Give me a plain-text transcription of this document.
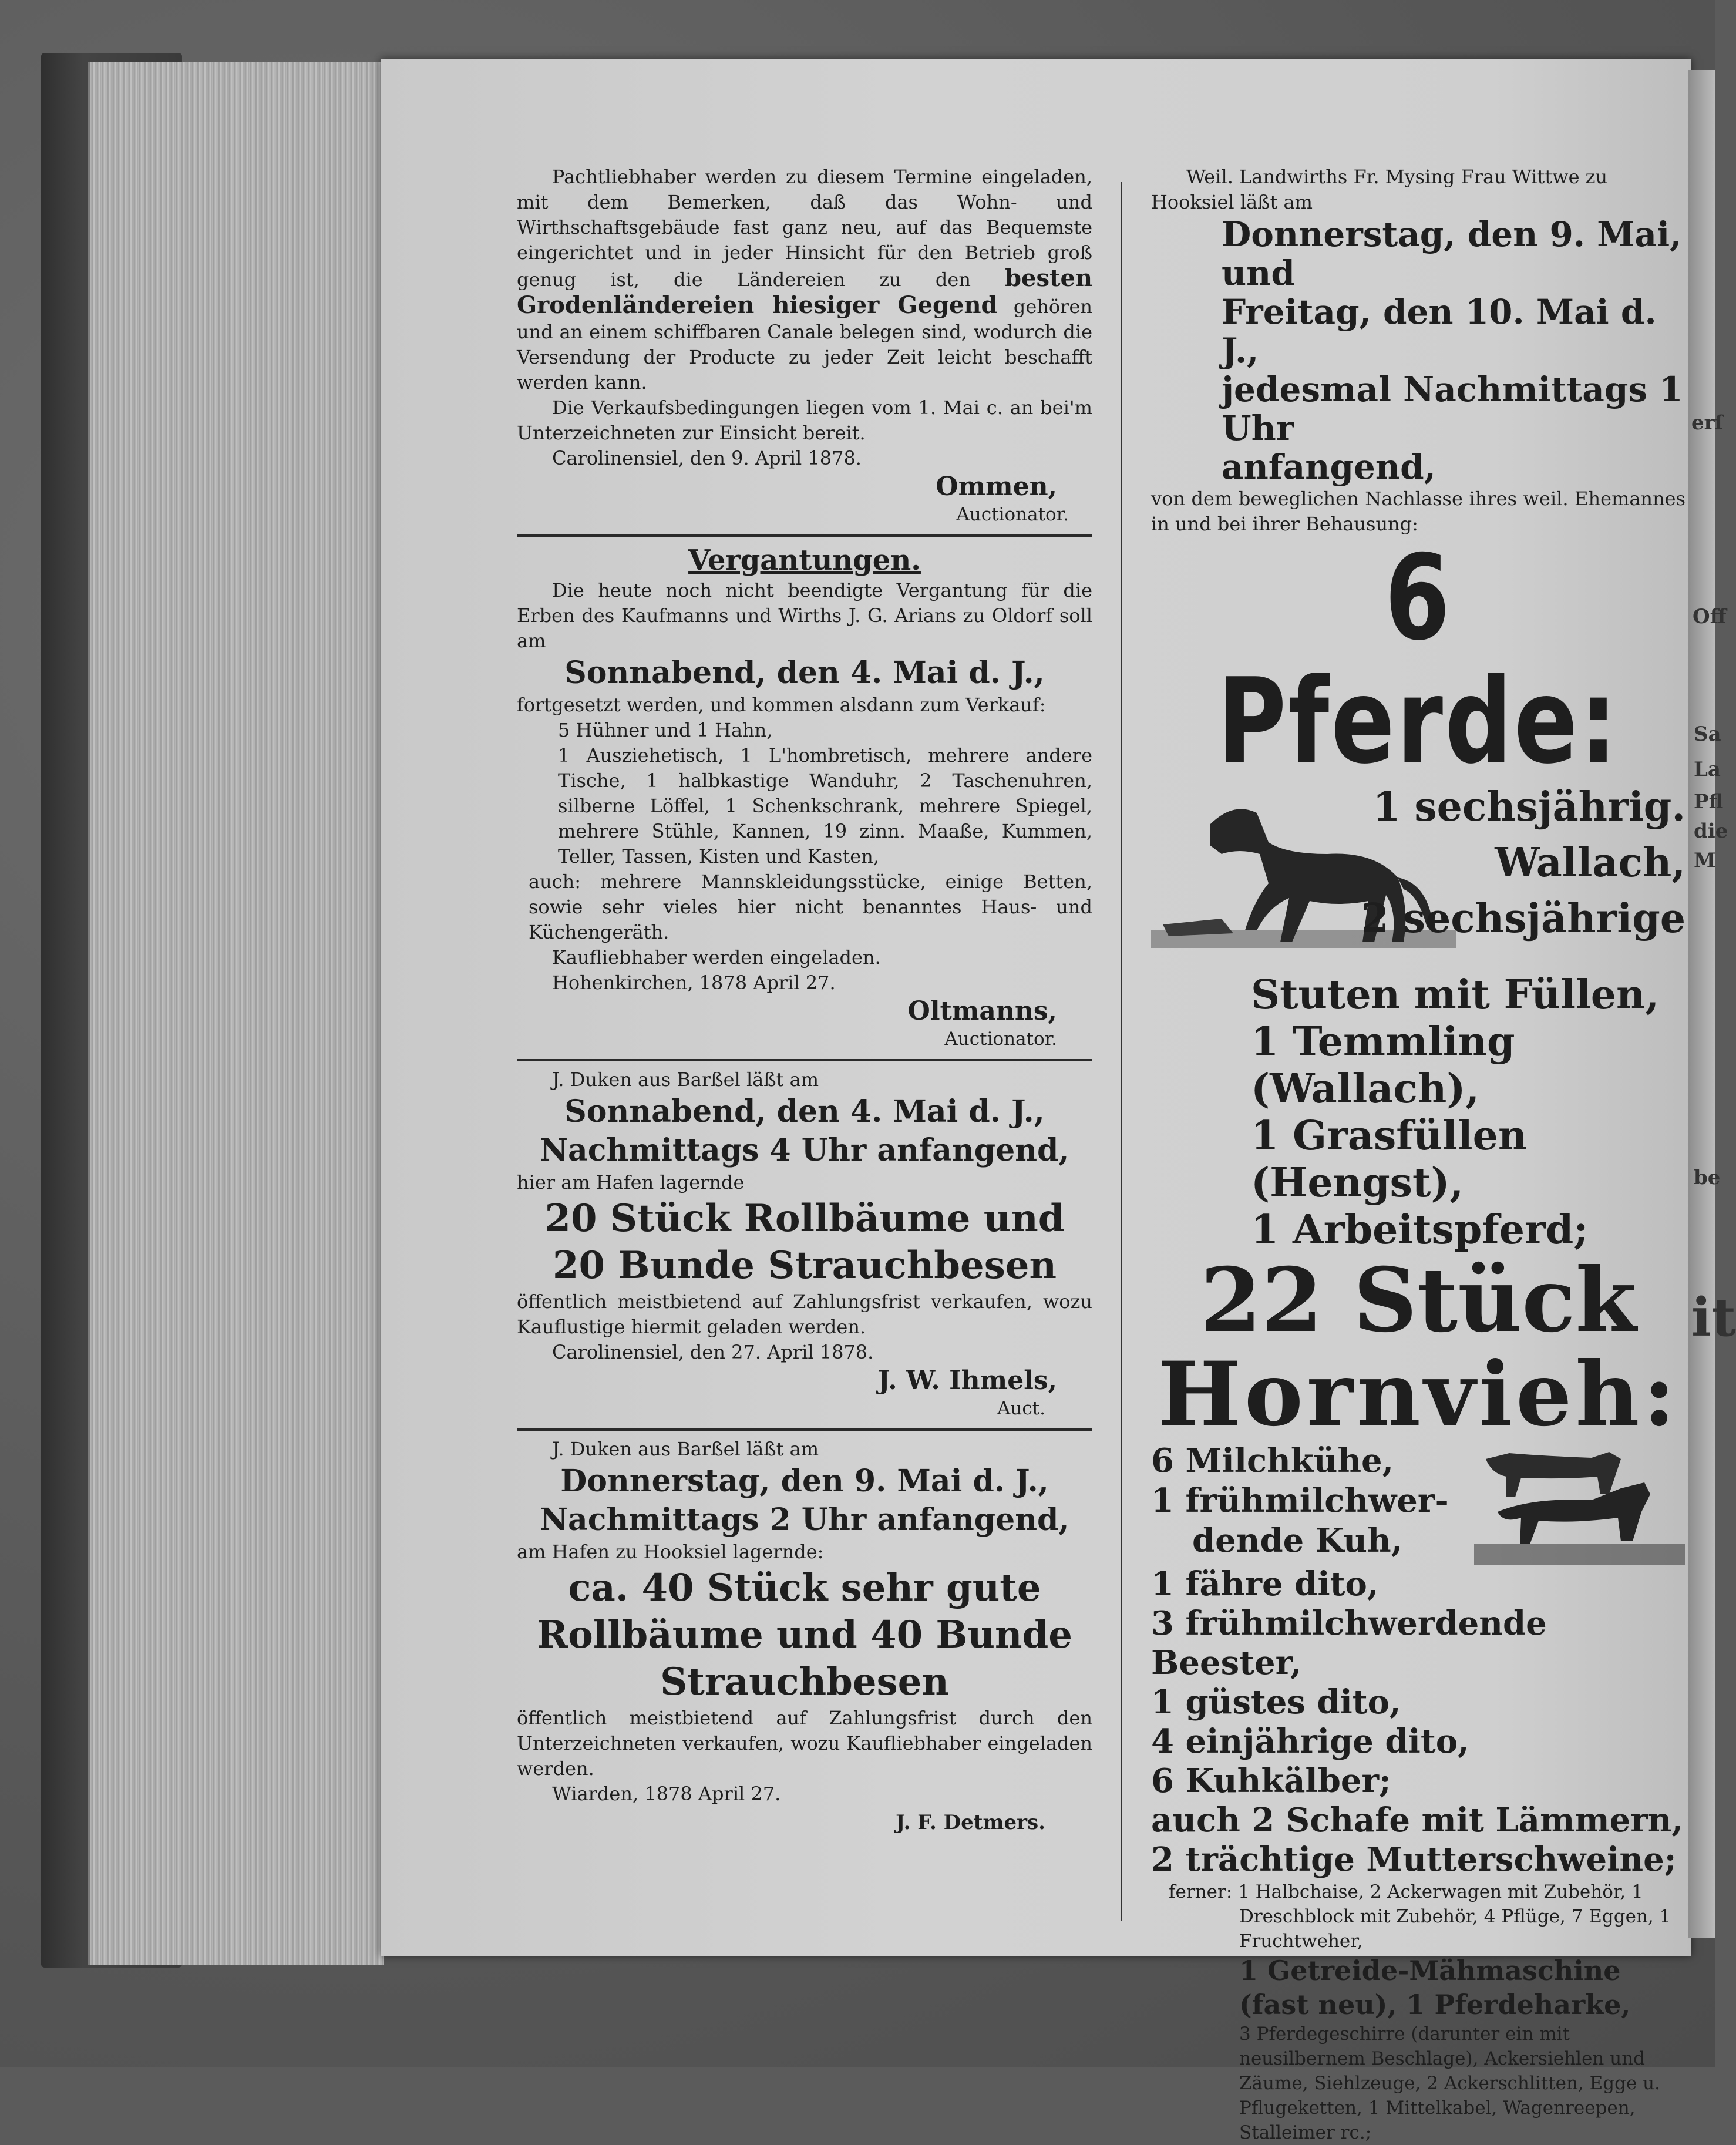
erſ
Off
Sa
La
Pfl
die
M
be
it

Pachtliebhaber werden zu diesem Termine eingeladen, mit dem Bemerken, daß das Wohn- und Wirthschaftsgebäude fast ganz neu, auf das Bequemste eingerichtet und in jeder Hinsicht für den Betrieb groß genug ist, die Ländereien zu den besten Grodenländereien hiesiger Gegend gehören und an einem schiffbaren Canale belegen sind, wodurch die Versendung der Producte zu jeder Zeit leicht beschafft werden kann.

Die Verkaufsbedingungen liegen vom 1. Mai c. an bei'm Unterzeichneten zur Einsicht bereit.

Carolinensiel, den 9. April 1878.

Ommen,

Auctionator.

Vergantungen.

Die heute noch nicht beendigte Vergantung für die Erben des Kaufmanns und Wirths J. G. Arians zu Oldorf soll am

Sonnabend, den 4. Mai d. J.,

fortgesetzt werden, und kommen alsdann zum Verkauf:

5 Hühner und 1 Hahn,

1 Ausziehetisch, 1 L'hombretisch, mehrere andere Tische, 1 halbkastige Wanduhr, 2 Taschenuhren, silberne Löffel, 1 Schenkschrank, mehrere Spiegel, mehrere Stühle, Kannen, 19 zinn. Maaße, Kummen, Teller, Tassen, Kisten und Kasten,

auch: mehrere Mannskleidungsstücke, einige Betten, sowie sehr vieles hier nicht benanntes Haus- und Küchengeräth.

Kaufliebhaber werden eingeladen.

Hohenkirchen, 1878 April 27.

Oltmanns,

Auctionator.

J. Duken aus Barßel läßt am

Sonnabend, den 4. Mai d. J.,

Nachmittags 4 Uhr anfangend,

hier am Hafen lagernde

20 Stück Rollbäume und

20 Bunde Strauchbesen

öffentlich meistbietend auf Zahlungsfrist verkaufen, wozu Kauflustige hiermit geladen werden.

Carolinensiel, den 27. April 1878.

J. W. Ihmels,

Auct.

J. Duken aus Barßel läßt am

Donnerstag, den 9. Mai d. J.,

Nachmittags 2 Uhr anfangend,

am Hafen zu Hooksiel lagernde:

ca. 40 Stück sehr gute

Rollbäume und 40 Bunde

Strauchbesen

öffentlich meistbietend auf Zahlungsfrist durch den Unterzeichneten verkaufen, wozu Kaufliebhaber eingeladen werden.

Wiarden, 1878 April 27.

J. F. Detmers.

Weil. Landwirths Fr. Mysing Frau Wittwe zu

Hooksiel läßt am

Donnerstag, den 9. Mai, und

Freitag, den 10. Mai d. J.,

jedesmal Nachmittags 1 Uhr

anfangend,

von dem beweglichen Nachlasse ihres weil. Ehemannes in und bei ihrer Behausung:

6 Pferde:

1 sechsjährig.

Wallach,

2 sechsjährige

Stuten mit Füllen,

1 Temmling (Wallach),

1 Grasfüllen (Hengst),

1 Arbeitspferd;

22 Stück

Hornvieh:

6 Milchkühe,

1 frühmilchwer-

dende Kuh,

1 fähre dito,

3 frühmilchwerdende Beester,

1 güstes dito,

4 einjährige dito,

6 Kuhkälber;

auch 2 Schafe mit Lämmern,

2 trächtige Mutterschweine;

ferner: 1 Halbchaise, 2 Ackerwagen mit Zubehör, 1 Dreschblock mit Zubehör, 4 Pflüge, 7 Eggen, 1 Fruchtweher,

1 Getreide-Mähmaschine (fast neu), 1 Pferdeharke,

3 Pferdegeschirre (darunter ein mit neusilbernem Beschlage), Ackersiehlen und Zäume, Siehlzeuge, 2 Ackerschlitten, Egge u. Pflugeketten, 1 Mittelkabel, Wagenreepen, Stalleimer rc.;
